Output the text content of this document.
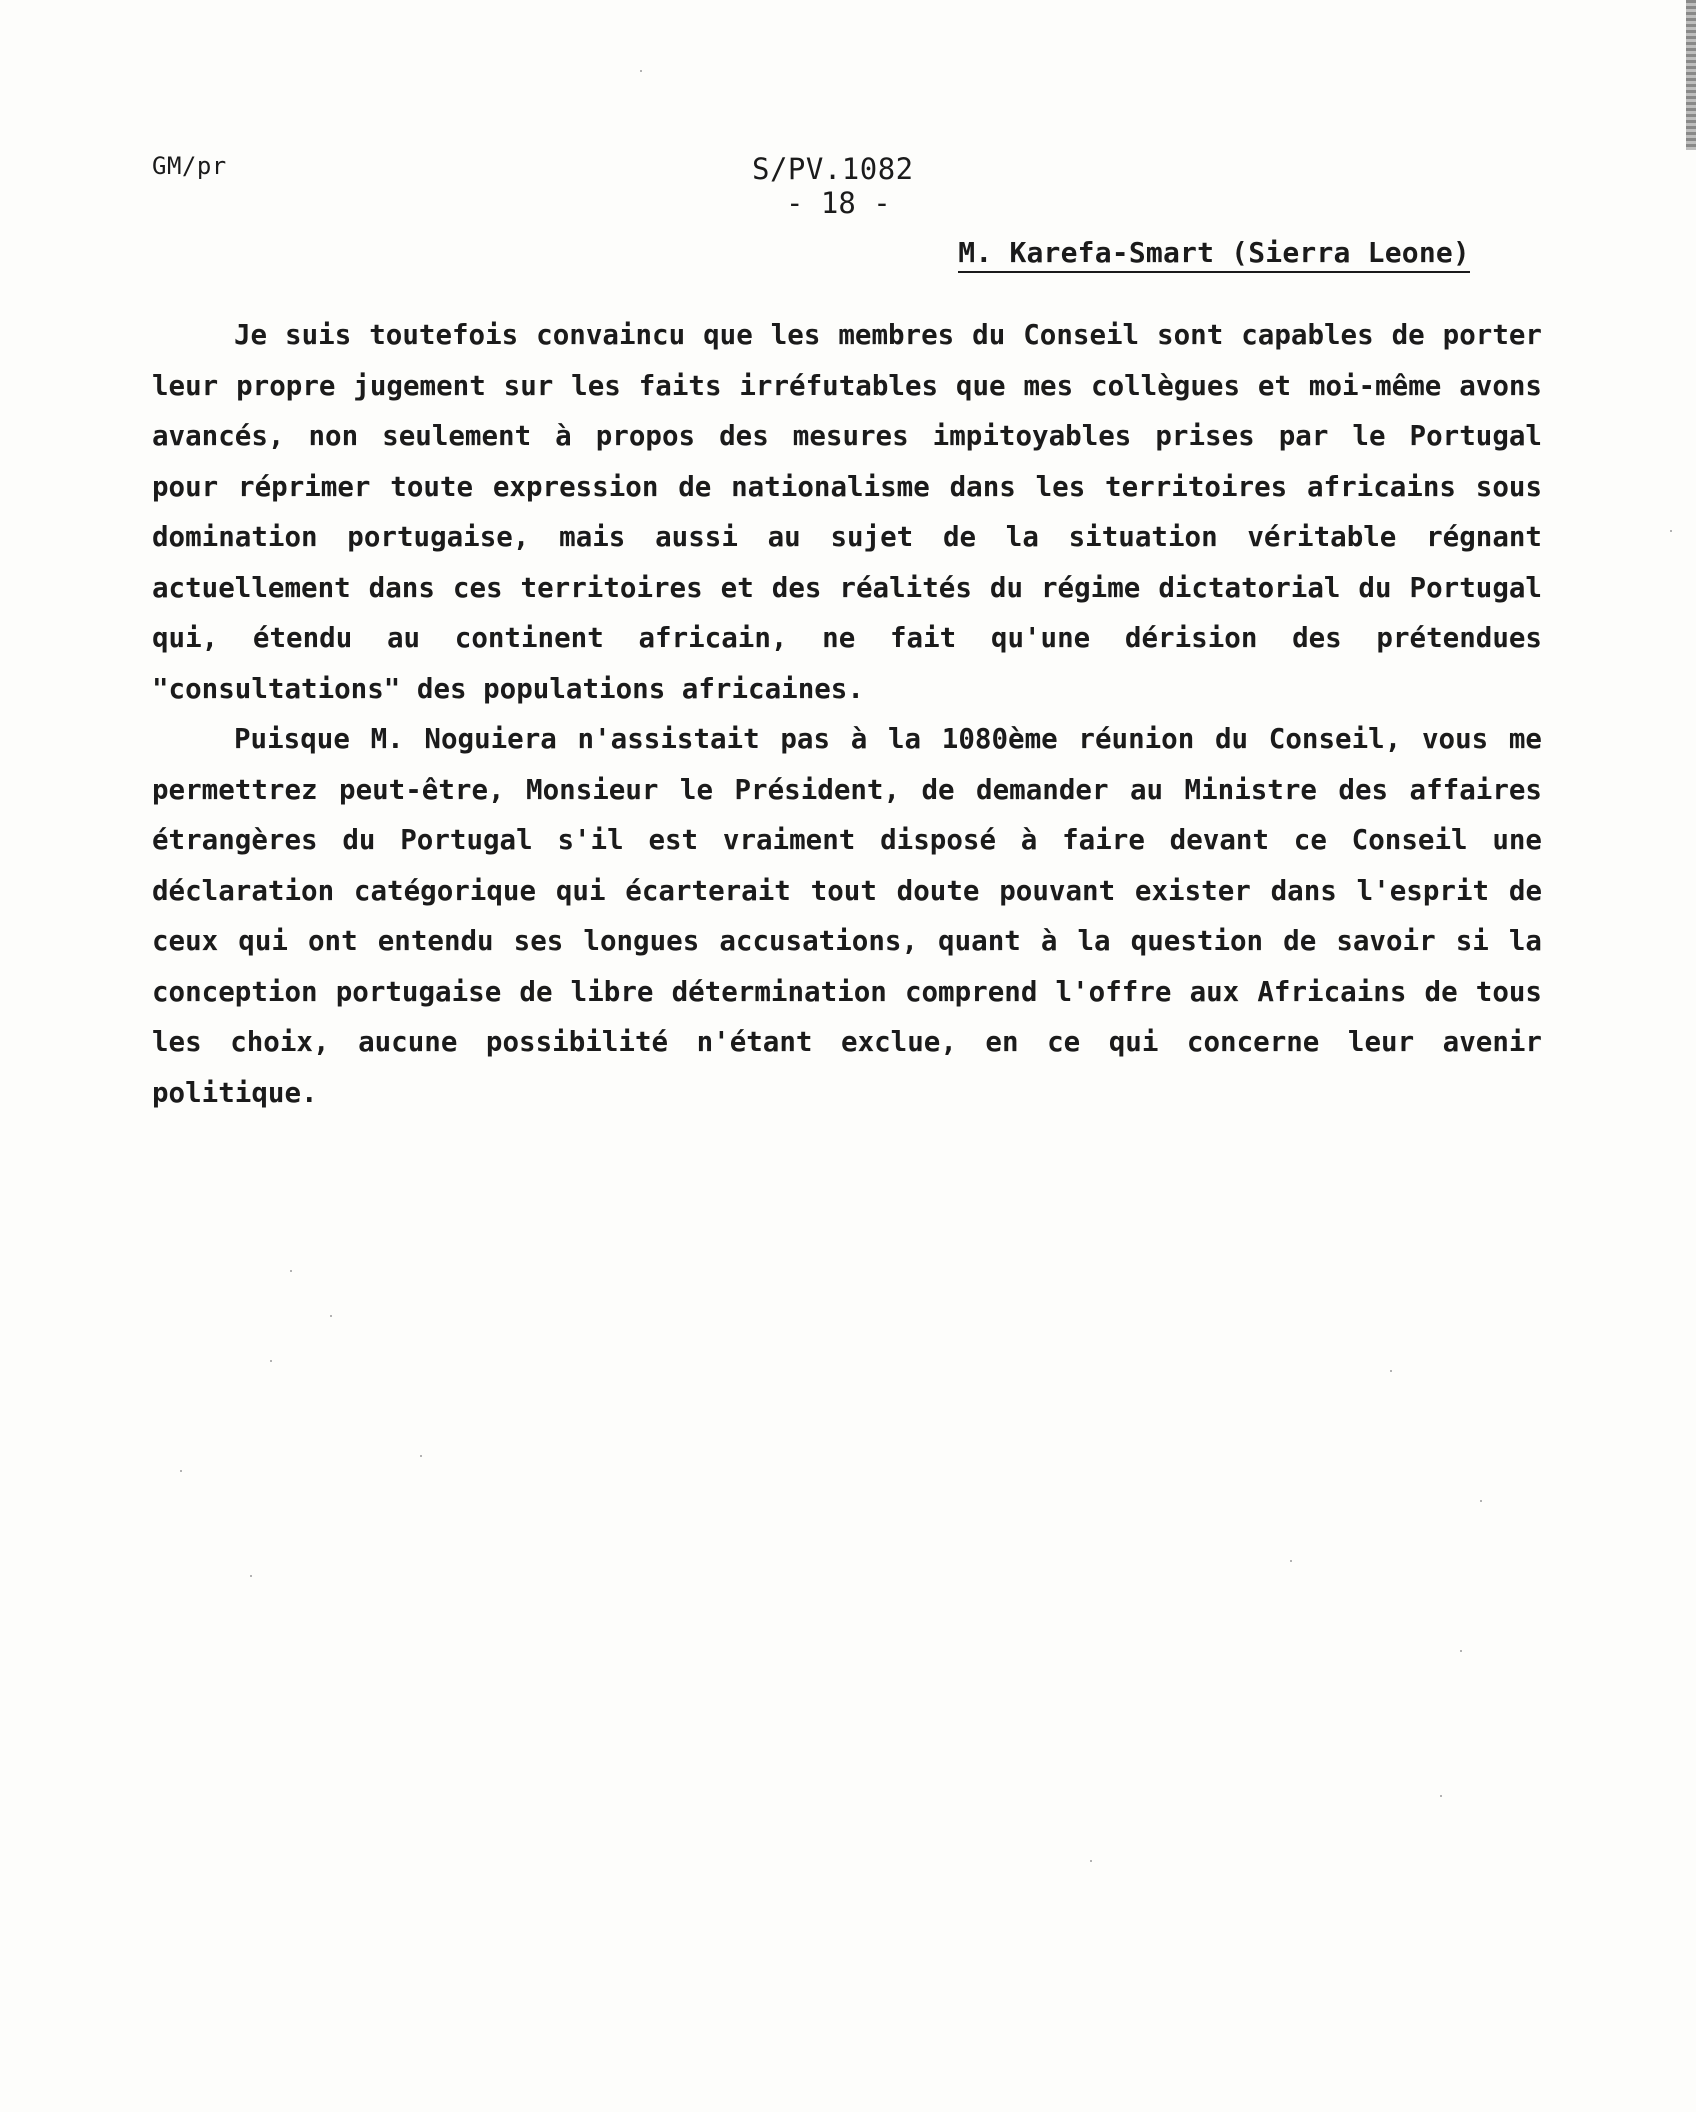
GM/pr	S/PV.1082
- 18 -
M. Karefa-Smart (Sierra Leone)

Je suis toutefois convaincu que les membres du Conseil sont capables de porter leur propre jugement sur les faits irréfutables que mes collègues et moi-même avons avancés, non seulement à propos des mesures impitoyables prises par le Portugal pour réprimer toute expression de nationalisme dans les territoires africains sous domination portugaise, mais aussi au sujet de la situation véritable régnant actuellement dans ces territoires et des réalités du régime dictatorial du Portugal qui, étendu au continent africain, ne fait qu'une dérision des prétendues "consultations" des populations africaines.

Puisque M. Noguiera n'assistait pas à la 1080ème réunion du Conseil, vous me permettrez peut-être, Monsieur le Président, de demander au Ministre des affaires étrangères du Portugal s'il est vraiment disposé à faire devant ce Conseil une déclaration catégorique qui écarterait tout doute pouvant exister dans l'esprit de ceux qui ont entendu ses longues accusations, quant à la question de savoir si la conception portugaise de libre détermination comprend l'offre aux Africains de tous les choix, aucune possibilité n'étant exclue, en ce qui concerne leur avenir politique.
